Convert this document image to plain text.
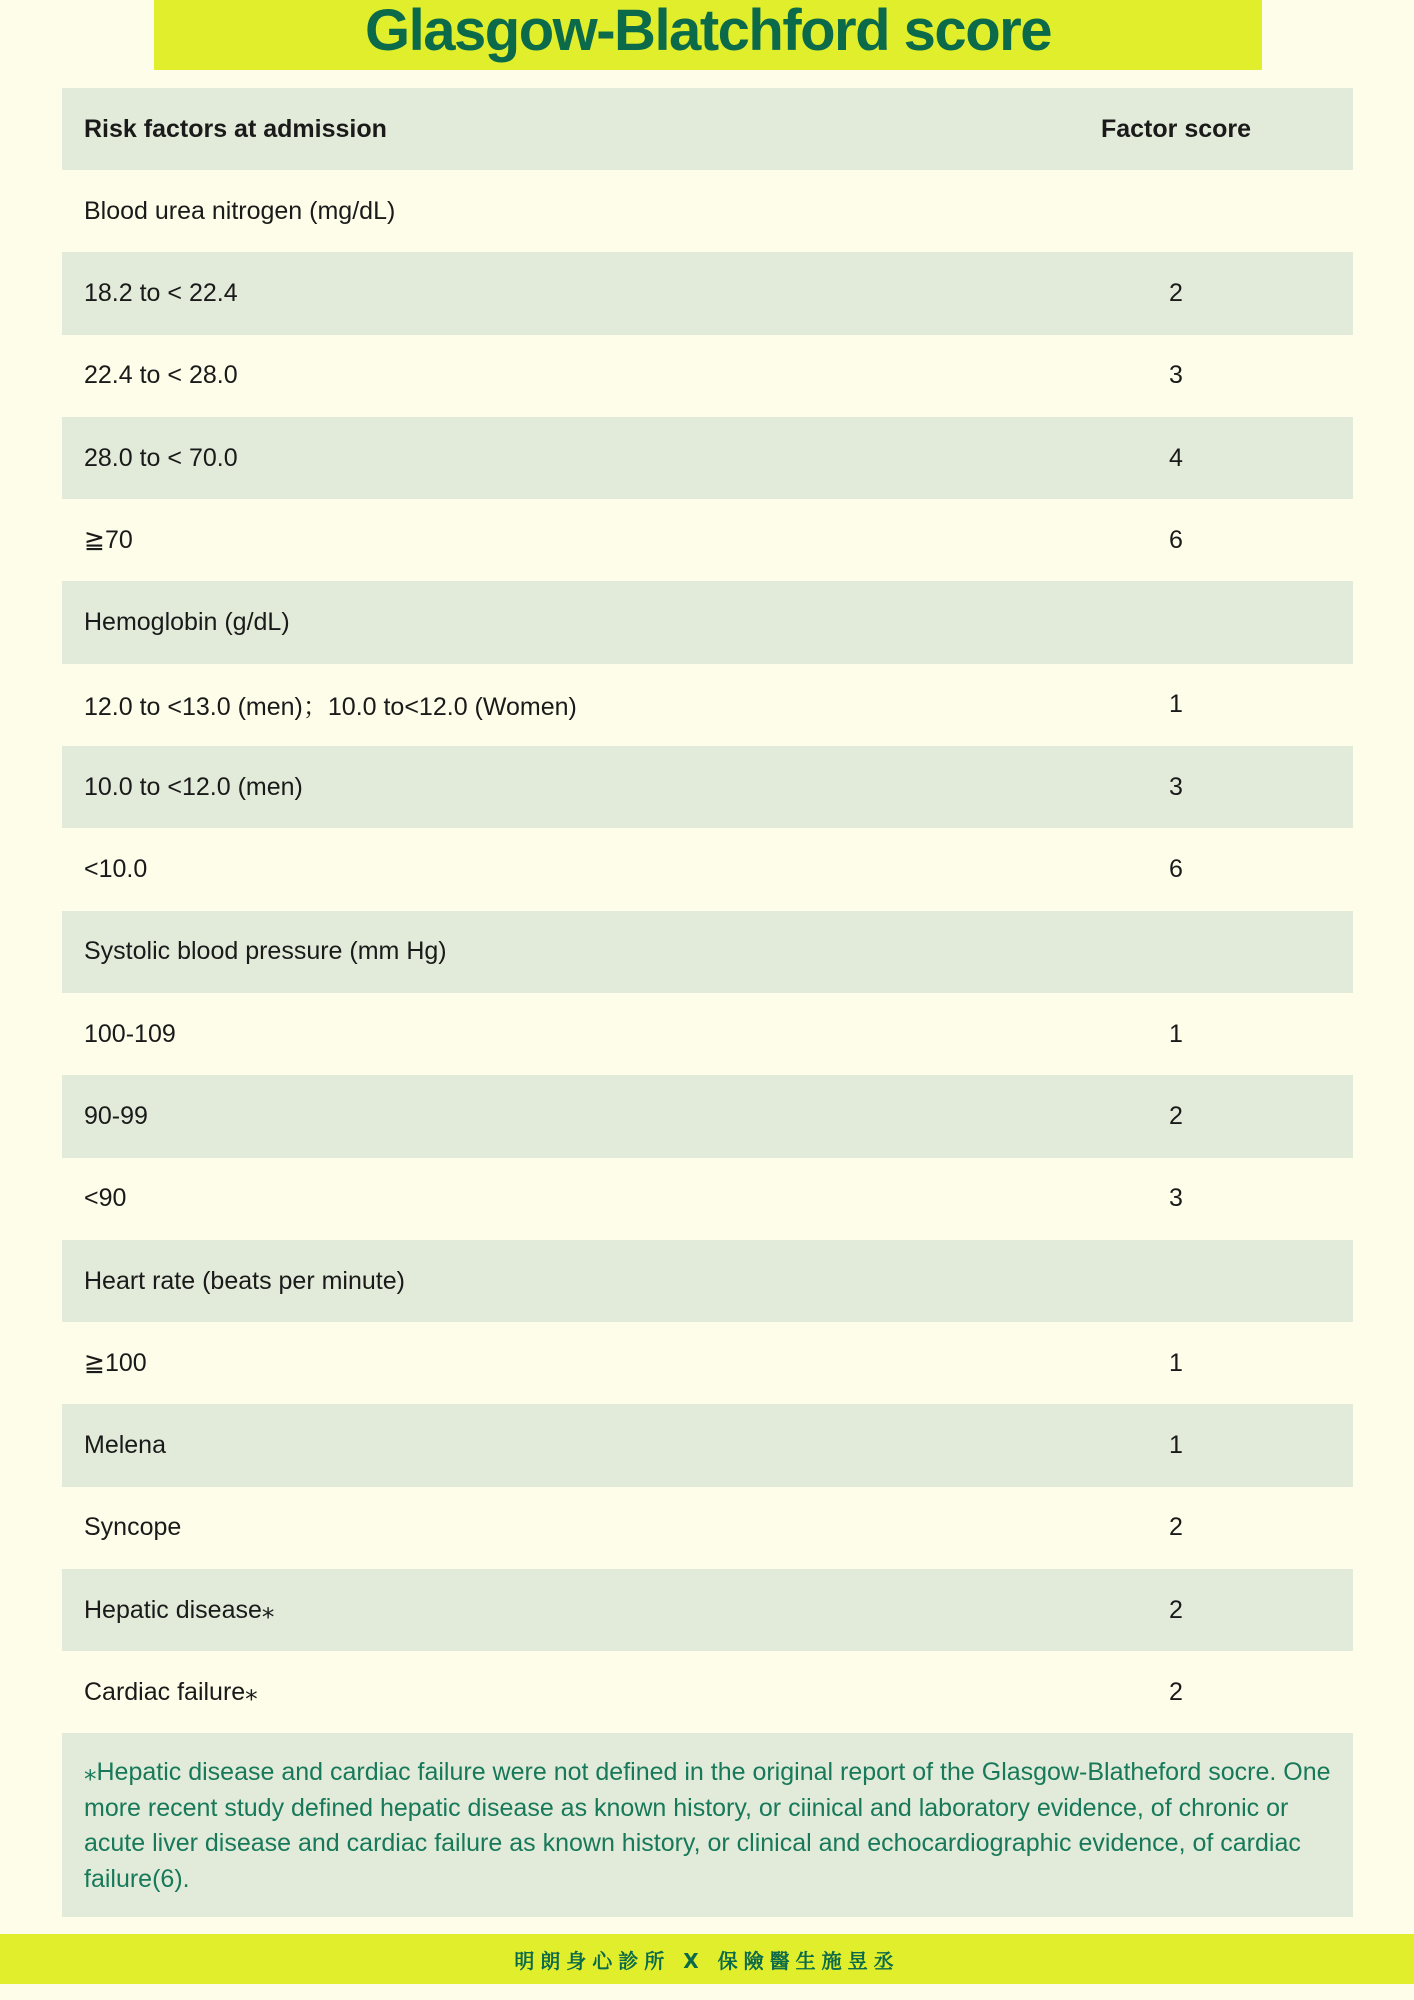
Glasgow-Blatchford score
Risk factors at admission	Factor score
Blood urea nitrogen (mg/dL)
18.2 to < 22.4	2
22.4 to < 28.0	3
28.0 to < 70.0	4
≧70	6
Hemoglobin (g/dL)
12.0 to <13.0 (men)；10.0 to<12.0 (Women)	1
10.0 to <12.0 (men)	3
<10.0	6
Systolic blood pressure (mm Hg)
100-109	1
90-99	2
<90	3
Heart rate (beats per minute)
≧100	1
Melena	1
Syncope	2
Hepatic disease⁎	2
Cardiac failure⁎	2

⁎Hepatic disease and cardiac failure were not defined in the original report of the Glasgow-Blatheford socre. One more recent study defined hepatic disease as known history, or ciinical and laboratory evidence, of chronic or acute liver disease and cardiac failure as known history, or clinical and echocardiographic evidence, of cardiac failure(6).

明朗身心診所 X 保險醫生施昱丞
